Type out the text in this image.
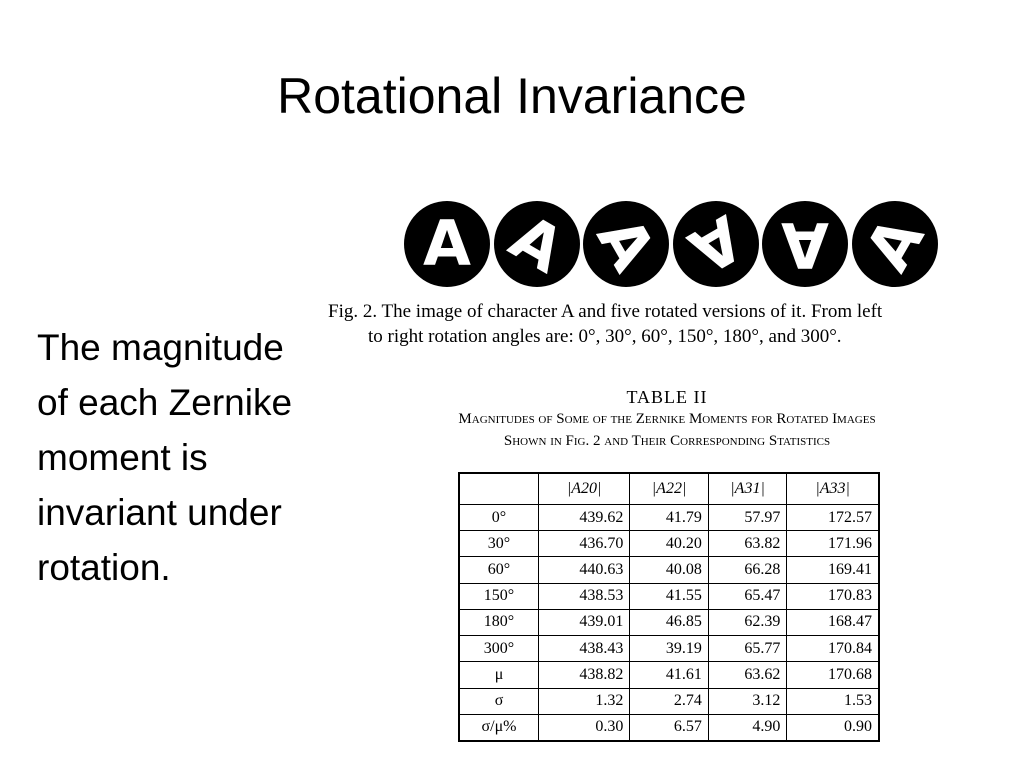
Rotational Invariance

The magnitude
of each Zernike
moment is
invariant under
rotation.

A A A A A A

Fig. 2. The image of character A and five rotated versions of it. From left
to right rotation angles are: 0°, 30°, 60°, 150°, 180°, and 300°.

TABLE II
Magnitudes of Some of the Zernike Moments for Rotated Images
Shown in Fig. 2 and Their Corresponding Statistics
	|A20|	|A22|	|A31|	|A33|
0°	439.62	41.79	57.97	172.57
30°	436.70	40.20	63.82	171.96
60°	440.63	40.08	66.28	169.41
150°	438.53	41.55	65.47	170.83
180°	439.01	46.85	62.39	168.47
300°	438.43	39.19	65.77	170.84
μ	438.82	41.61	63.62	170.68
σ	1.32	2.74	3.12	1.53
σ/μ%	0.30	6.57	4.90	0.90
